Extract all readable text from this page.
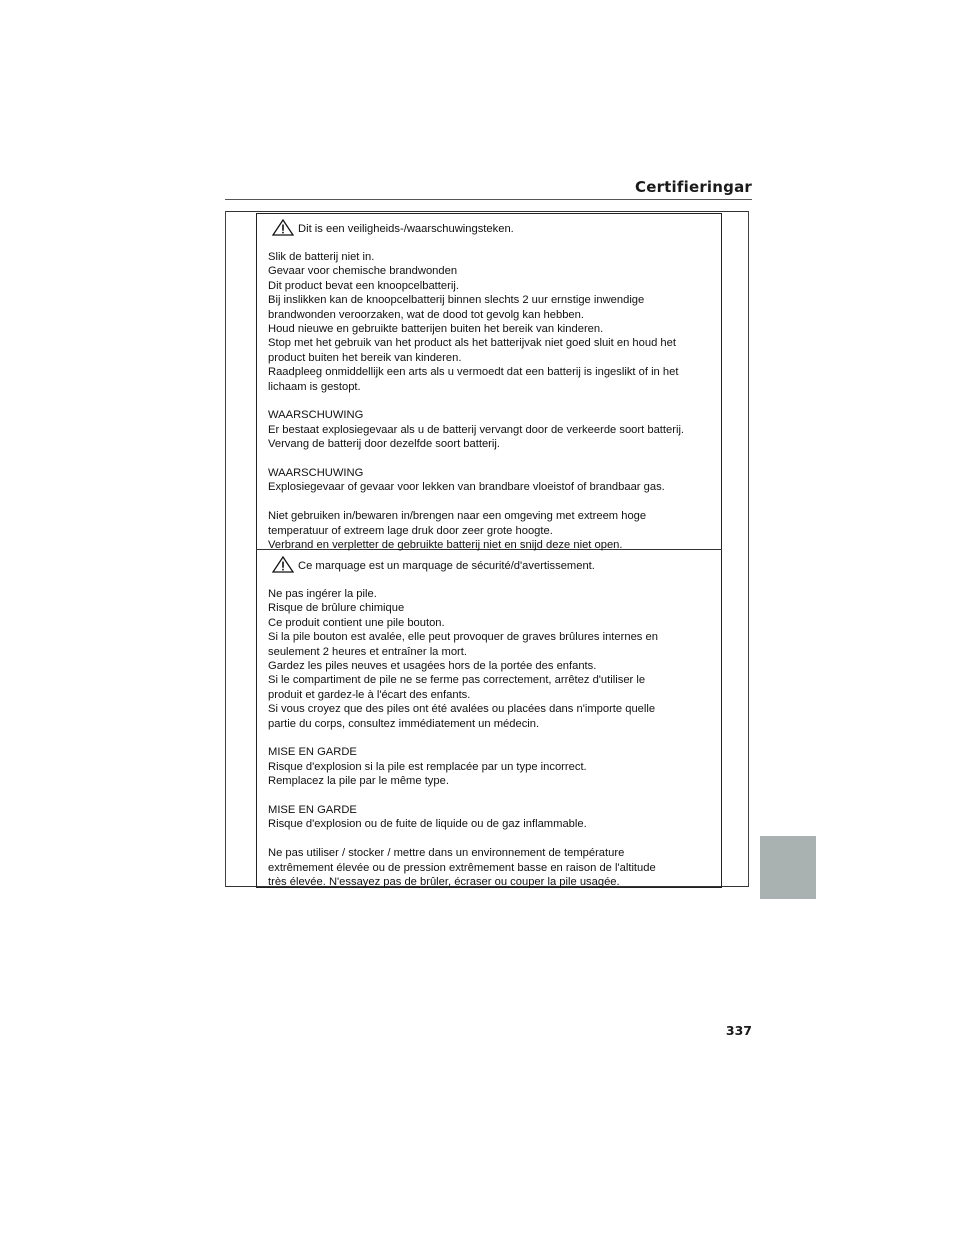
Certifieringar
Dit is een veiligheids-/waarschuwingsteken.

Slik de batterij niet in.
Gevaar voor chemische brandwonden
Dit product bevat een knoopcelbatterij.
Bij inslikken kan de knoopcelbatterij binnen slechts 2 uur ernstige inwendige
brandwonden veroorzaken, wat de dood tot gevolg kan hebben.
Houd nieuwe en gebruikte batterijen buiten het bereik van kinderen.
Stop met het gebruik van het product als het batterijvak niet goed sluit en houd het
product buiten het bereik van kinderen.
Raadpleeg onmiddellijk een arts als u vermoedt dat een batterij is ingeslikt of in het
lichaam is gestopt.

WAARSCHUWING
Er bestaat explosiegevaar als u de batterij vervangt door de verkeerde soort batterij.
Vervang de batterij door dezelfde soort batterij.

WAARSCHUWING
Explosiegevaar of gevaar voor lekken van brandbare vloeistof of brandbaar gas.

Niet gebruiken in/bewaren in/brengen naar een omgeving met extreem hoge
temperatuur of extreem lage druk door zeer grote hoogte.
Verbrand en verpletter de gebruikte batterij niet en snijd deze niet open.

Ce marquage est un marquage de sécurité/d'avertissement.

Ne pas ingérer la pile.
Risque de brûlure chimique
Ce produit contient une pile bouton.
Si la pile bouton est avalée, elle peut provoquer de graves brûlures internes en
seulement 2 heures et entraîner la mort.
Gardez les piles neuves et usagées hors de la portée des enfants.
Si le compartiment de pile ne se ferme pas correctement, arrêtez d'utiliser le
produit et gardez-le à l'écart des enfants.
Si vous croyez que des piles ont été avalées ou placées dans n'importe quelle
partie du corps, consultez immédiatement un médecin.

MISE EN GARDE
Risque d'explosion si la pile est remplacée par un type incorrect.
Remplacez la pile par le même type.

MISE EN GARDE
Risque d'explosion ou de fuite de liquide ou de gaz inflammable.

Ne pas utiliser / stocker / mettre dans un environnement de température
extrêmement élevée ou de pression extrêmement basse en raison de l'altitude
très élevée. N'essayez pas de brûler, écraser ou couper la pile usagée.

337
